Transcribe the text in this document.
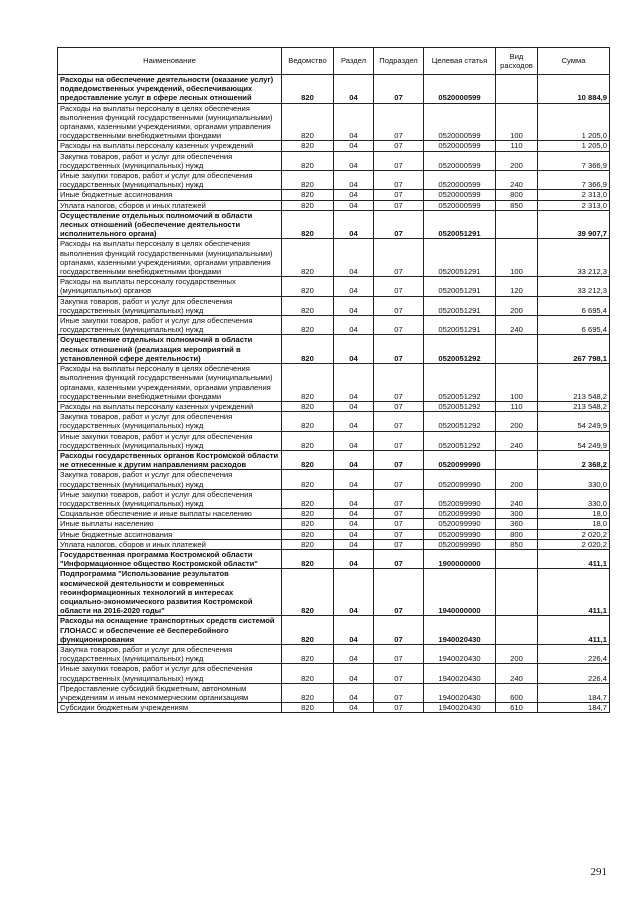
Наименование	Ведомство	Раздел	Подраздел	Целевая статья	Вид расходов	Сумма
Расходы на обеспечение деятельности (оказание услуг) подведомственных учреждений, обеспечивающих предоставление услуг в сфере лесных отношений	820	04	07	0520000599		10 884,9
Расходы на выплаты персоналу в целях обеспечения выполнения функций государственными (муниципальными) органами, казенными учреждениями, органами управления государственными внебюджетными фондами	820	04	07	0520000599	100	1 205,0
Расходы на выплаты персоналу казенных учреждений	820	04	07	0520000599	110	1 205,0
Закупка товаров, работ и услуг для обеспечения государственных (муниципальных) нужд	820	04	07	0520000599	200	7 366,9
Иные закупки товаров, работ и услуг для обеспечения государственных (муниципальных) нужд	820	04	07	0520000599	240	7 366,9
Иные бюджетные ассигнования	820	04	07	0520000599	800	2 313,0
Уплата налогов, сборов и иных платежей	820	04	07	0520000599	850	2 313,0
Осуществление отдельных полномочий в области лесных отношений (обеспечение деятельности исполнительного органа)	820	04	07	0520051291		39 907,7
Расходы на выплаты персоналу в целях обеспечения выполнения функций государственными (муниципальными) органами, казенными учреждениями, органами управления государственными внебюджетными фондами	820	04	07	0520051291	100	33 212,3
Расходы на выплаты персоналу государственных (муниципальных) органов	820	04	07	0520051291	120	33 212,3
Закупка товаров, работ и услуг для обеспечения государственных (муниципальных) нужд	820	04	07	0520051291	200	6 695,4
Иные закупки товаров, работ и услуг для обеспечения государственных (муниципальных) нужд	820	04	07	0520051291	240	6 695,4
Осуществление отдельных полномочий в области лесных отношений (реализация мероприятий в установленной сфере деятельности)	820	04	07	0520051292		267 798,1
Расходы на выплаты персоналу в целях обеспечения выполнения функций государственными (муниципальными) органами, казенными учреждениями, органами управления государственными внебюджетными фондами	820	04	07	0520051292	100	213 548,2
Расходы на выплаты персоналу казенных учреждений	820	04	07	0520051292	110	213 548,2
Закупка товаров, работ и услуг для обеспечения государственных (муниципальных) нужд	820	04	07	0520051292	200	54 249,9
Иные закупки товаров, работ и услуг для обеспечения государственных (муниципальных) нужд	820	04	07	0520051292	240	54 249,9
Расходы государственных органов Костромской области не отнесенные к другим направлениям расходов	820	04	07	0520099990		2 368,2
Закупка товаров, работ и услуг для обеспечения государственных (муниципальных) нужд	820	04	07	0520099990	200	330,0
Иные закупки товаров, работ и услуг для обеспечения государственных (муниципальных) нужд	820	04	07	0520099990	240	330,0
Социальное обеспечение и иные выплаты населению	820	04	07	0520099990	300	18,0
Иные выплаты населению	820	04	07	0520099990	360	18,0
Иные бюджетные ассигнования	820	04	07	0520099990	800	2 020,2
Уплата налогов, сборов и иных платежей	820	04	07	0520099990	850	2 020,2
Государственная программа Костромской области "Информационное общество Костромской области"	820	04	07	1900000000		411,1
Подпрограмма "Использование результатов космической деятельности и современных геоинформационных технологий в интересах социально-экономического развития Костромской области на 2016-2020 годы"	820	04	07	1940000000		411,1
Расходы на оснащение транспортных средств системой ГЛОНАСС и обеспечение её бесперебойного функционирования	820	04	07	1940020430		411,1
Закупка товаров, работ и услуг для обеспечения государственных (муниципальных) нужд	820	04	07	1940020430	200	226,4
Иные закупки товаров, работ и услуг для обеспечения государственных (муниципальных) нужд	820	04	07	1940020430	240	226,4
Предоставление субсидий бюджетным, автономным учреждениям и иным некоммерческим организациям	820	04	07	1940020430	600	184,7
Субсидии бюджетным учреждениям	820	04	07	1940020430	610	184,7
291
